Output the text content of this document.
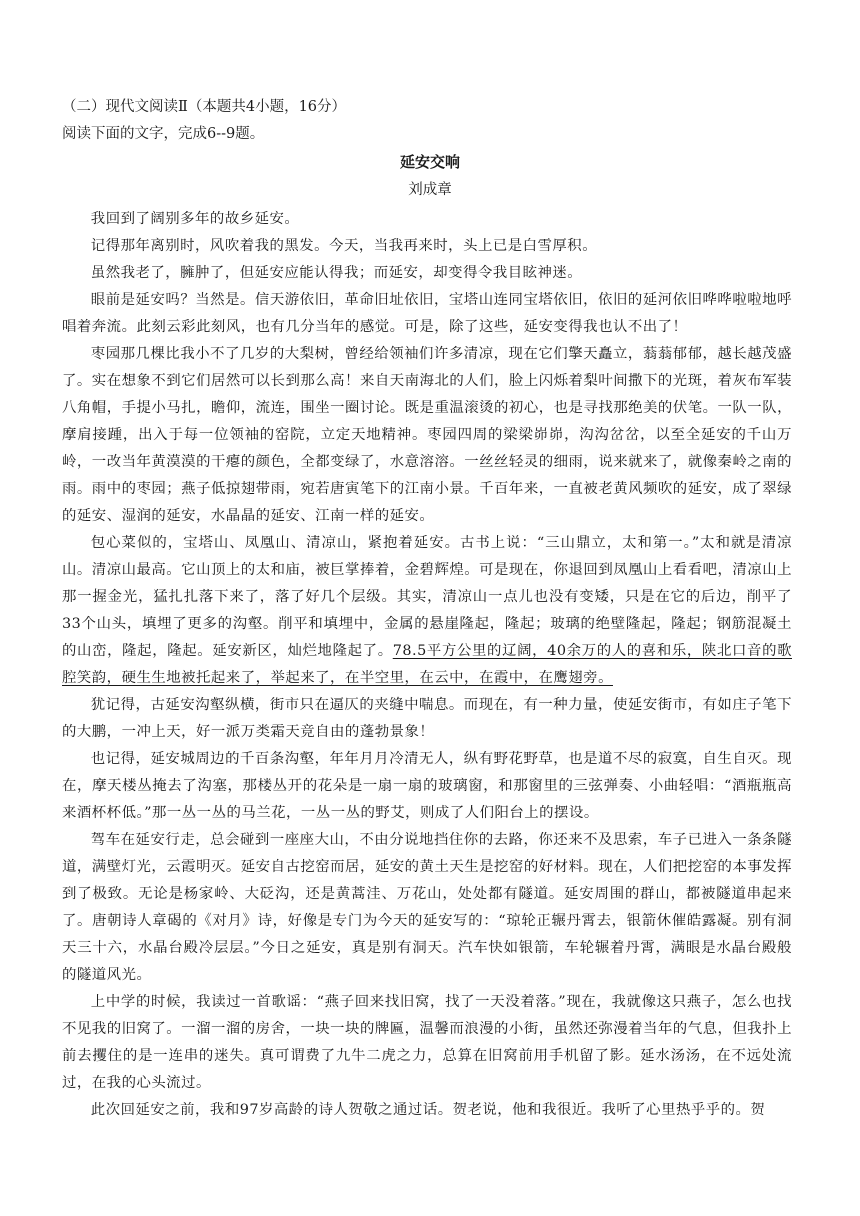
（二）现代文阅读Ⅱ（本题共4小题，16分）
阅读下面的文字，完成6--9题。
延安交响
刘成章

我回到了阔别多年的故乡延安。

记得那年离别时，风吹着我的黑发。今天，当我再来时，头上已是白雪厚积。

虽然我老了，臃肿了，但延安应能认得我；而延安，却变得令我目眩神迷。

眼前是延安吗？当然是。信天游依旧，革命旧址依旧，宝塔山连同宝塔依旧，依旧的延河依旧哗哗啦啦地呼唱着奔流。此刻云彩此刻风，也有几分当年的感觉。可是，除了这些，延安变得我也认不出了！

枣园那几棵比我小不了几岁的大梨树，曾经给领袖们许多清凉，现在它们擎天矗立，蓊蓊郁郁，越长越茂盛了。实在想象不到它们居然可以长到那么高！来自天南海北的人们，脸上闪烁着梨叶间撒下的光斑，着灰布军装八角帽，手提小马扎，瞻仰，流连，围坐一圈讨论。既是重温滚烫的初心，也是寻找那绝美的伏笔。一队一队，摩肩接踵，出入于每一位领袖的窑院，立定天地精神。枣园四周的梁梁峁峁，沟沟岔岔，以至全延安的千山万岭，一改当年黄漠漠的干瘪的颜色，全都变绿了，水意溶溶。一丝丝轻灵的细雨，说来就来了，就像秦岭之南的雨。雨中的枣园；燕子低掠翅带雨，宛若唐寅笔下的江南小景。千百年来，一直被老黄风频吹的延安，成了翠绿的延安、湿润的延安，水晶晶的延安、江南一样的延安。

包心菜似的，宝塔山、凤凰山、清凉山，紧抱着延安。古书上说：“三山鼎立，太和第一。”太和就是清凉山。清凉山最高。它山顶上的太和庙，被巨掌捧着，金碧辉煌。可是现在，你退回到凤凰山上看看吧，清凉山上那一握金光，猛扎扎落下来了，落了好几个层级。其实，清凉山一点儿也没有变矮，只是在它的后边，削平了33个山头，填埋了更多的沟壑。削平和填埋中，金属的悬崖隆起，隆起；玻璃的绝壁隆起，隆起；钢筋混凝土的山峦，隆起，隆起。延安新区，灿烂地隆起了。78.5平方公里的辽阔，40余万的人的喜和乐，陕北口音的歌腔笑韵，硬生生地被托起来了，举起来了，在半空里，在云中，在霞中，在鹰翅旁。

犹记得，古延安沟壑纵横，街市只在逼仄的夹缝中喘息。而现在，有一种力量，使延安街市，有如庄子笔下的大鹏，一冲上天，好一派万类霜天竞自由的蓬勃景象！

也记得，延安城周边的千百条沟壑，年年月月冷清无人，纵有野花野草，也是道不尽的寂寞，自生自灭。现在，摩天楼丛掩去了沟塞，那楼丛开的花朵是一扇一扇的玻璃窗，和那窗里的三弦弹奏、小曲轻唱：“酒瓶瓶高来酒杯杯低。”那一丛一丛的马兰花，一丛一丛的野艾，则成了人们阳台上的摆设。

驾车在延安行走，总会碰到一座座大山，不由分说地挡住你的去路，你还来不及思索，车子已进入一条条隧道，满壁灯光，云霞明灭。延安自古挖窑而居，延安的黄土天生是挖窑的好材料。现在，人们把挖窑的本事发挥到了极致。无论是杨家岭、大砭沟，还是黄蒿洼、万花山，处处都有隧道。延安周围的群山，都被隧道串起来了。唐朝诗人章碣的《对月》诗，好像是专门为今天的延安写的：“琼轮正辗丹霄去，银箭休催皓露凝。别有洞天三十六，水晶台殿冷层层。”今日之延安，真是别有洞天。汽车快如银箭，车轮辗着丹霄，满眼是水晶台殿般的隧道风光。

上中学的时候，我读过一首歌谣：“燕子回来找旧窝，找了一天没着落。”现在，我就像这只燕子，怎么也找不见我的旧窝了。一溜一溜的房舍，一块一块的牌匾，温馨而浪漫的小街，虽然还弥漫着当年的气息，但我扑上前去攫住的是一连串的迷失。真可谓费了九牛二虎之力，总算在旧窝前用手机留了影。延水汤汤，在不远处流过，在我的心头流过。

此次回延安之前，我和97岁高龄的诗人贺敬之通过话。贺老说，他和我很近。我听了心里热乎乎的。贺
